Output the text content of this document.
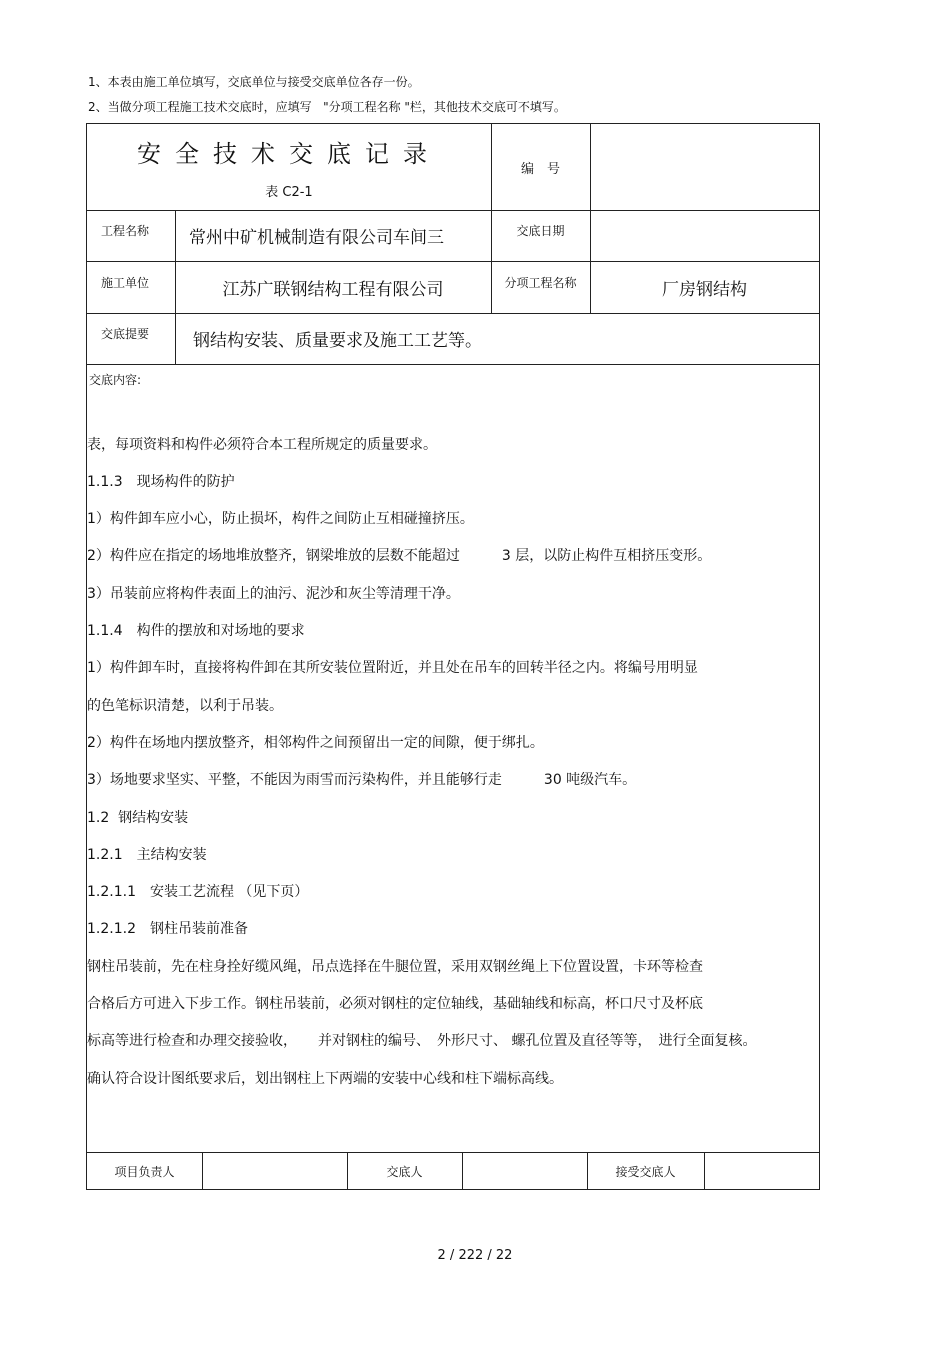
1、本表由施工单位填写，交底单位与接受交底单位各存一份。
2、当做分项工程施工技术交底时，应填写   "分项工程名称 "栏，其他技术交底可不填写。
安全技术交底记录
表 C2-1
编　号
工程名称 常州中矿机械制造有限公司车间三	交底日期
施工单位	江苏广联钢结构工程有限公司	分项工程名称	厂房钢结构
交底提要	钢结构安装、质量要求及施工工艺等。
交底内容:
表，每项资料和构件必须符合本工程所规定的质量要求。
1.1.3　现场构件的防护
1）构件卸车应小心，防止损坏，构件之间防止互相碰撞挤压。
2）构件应在指定的场地堆放整齐，钢梁堆放的层数不能超过　　　3 层，以防止构件互相挤压变形。
3）吊装前应将构件表面上的油污、泥沙和灰尘等清理干净。
1.1.4　构件的摆放和对场地的要求
1）构件卸车时，直接将构件卸在其所安装位置附近，并且处在吊车的回转半径之内。将编号用明显
的色笔标识清楚，以利于吊装。
2）构件在场地内摆放整齐，相邻构件之间预留出一定的间隙，便于绑扎。
3）场地要求坚实、平整，不能因为雨雪而污染构件，并且能够行走　　　30 吨级汽车。
1.2  钢结构安装
1.2.1　主结构安装
1.2.1.1　安装工艺流程 （见下页）
1.2.1.2　钢柱吊装前准备
钢柱吊装前，先在柱身拴好缆风绳，吊点选择在牛腿位置，采用双钢丝绳上下位置设置，卡环等检查
合格后方可进入下步工作。钢柱吊装前，必须对钢柱的定位轴线，基础轴线和标高，杯口尺寸及杯底
标高等进行检查和办理交接验收，　　并对钢柱的编号、　外形尺寸、 螺孔位置及直径等等，　进行全面复核。
确认符合设计图纸要求后，划出钢柱上下两端的安装中心线和柱下端标高线。
项目负责人	交底人	接受交底人
2 / 222 / 22
